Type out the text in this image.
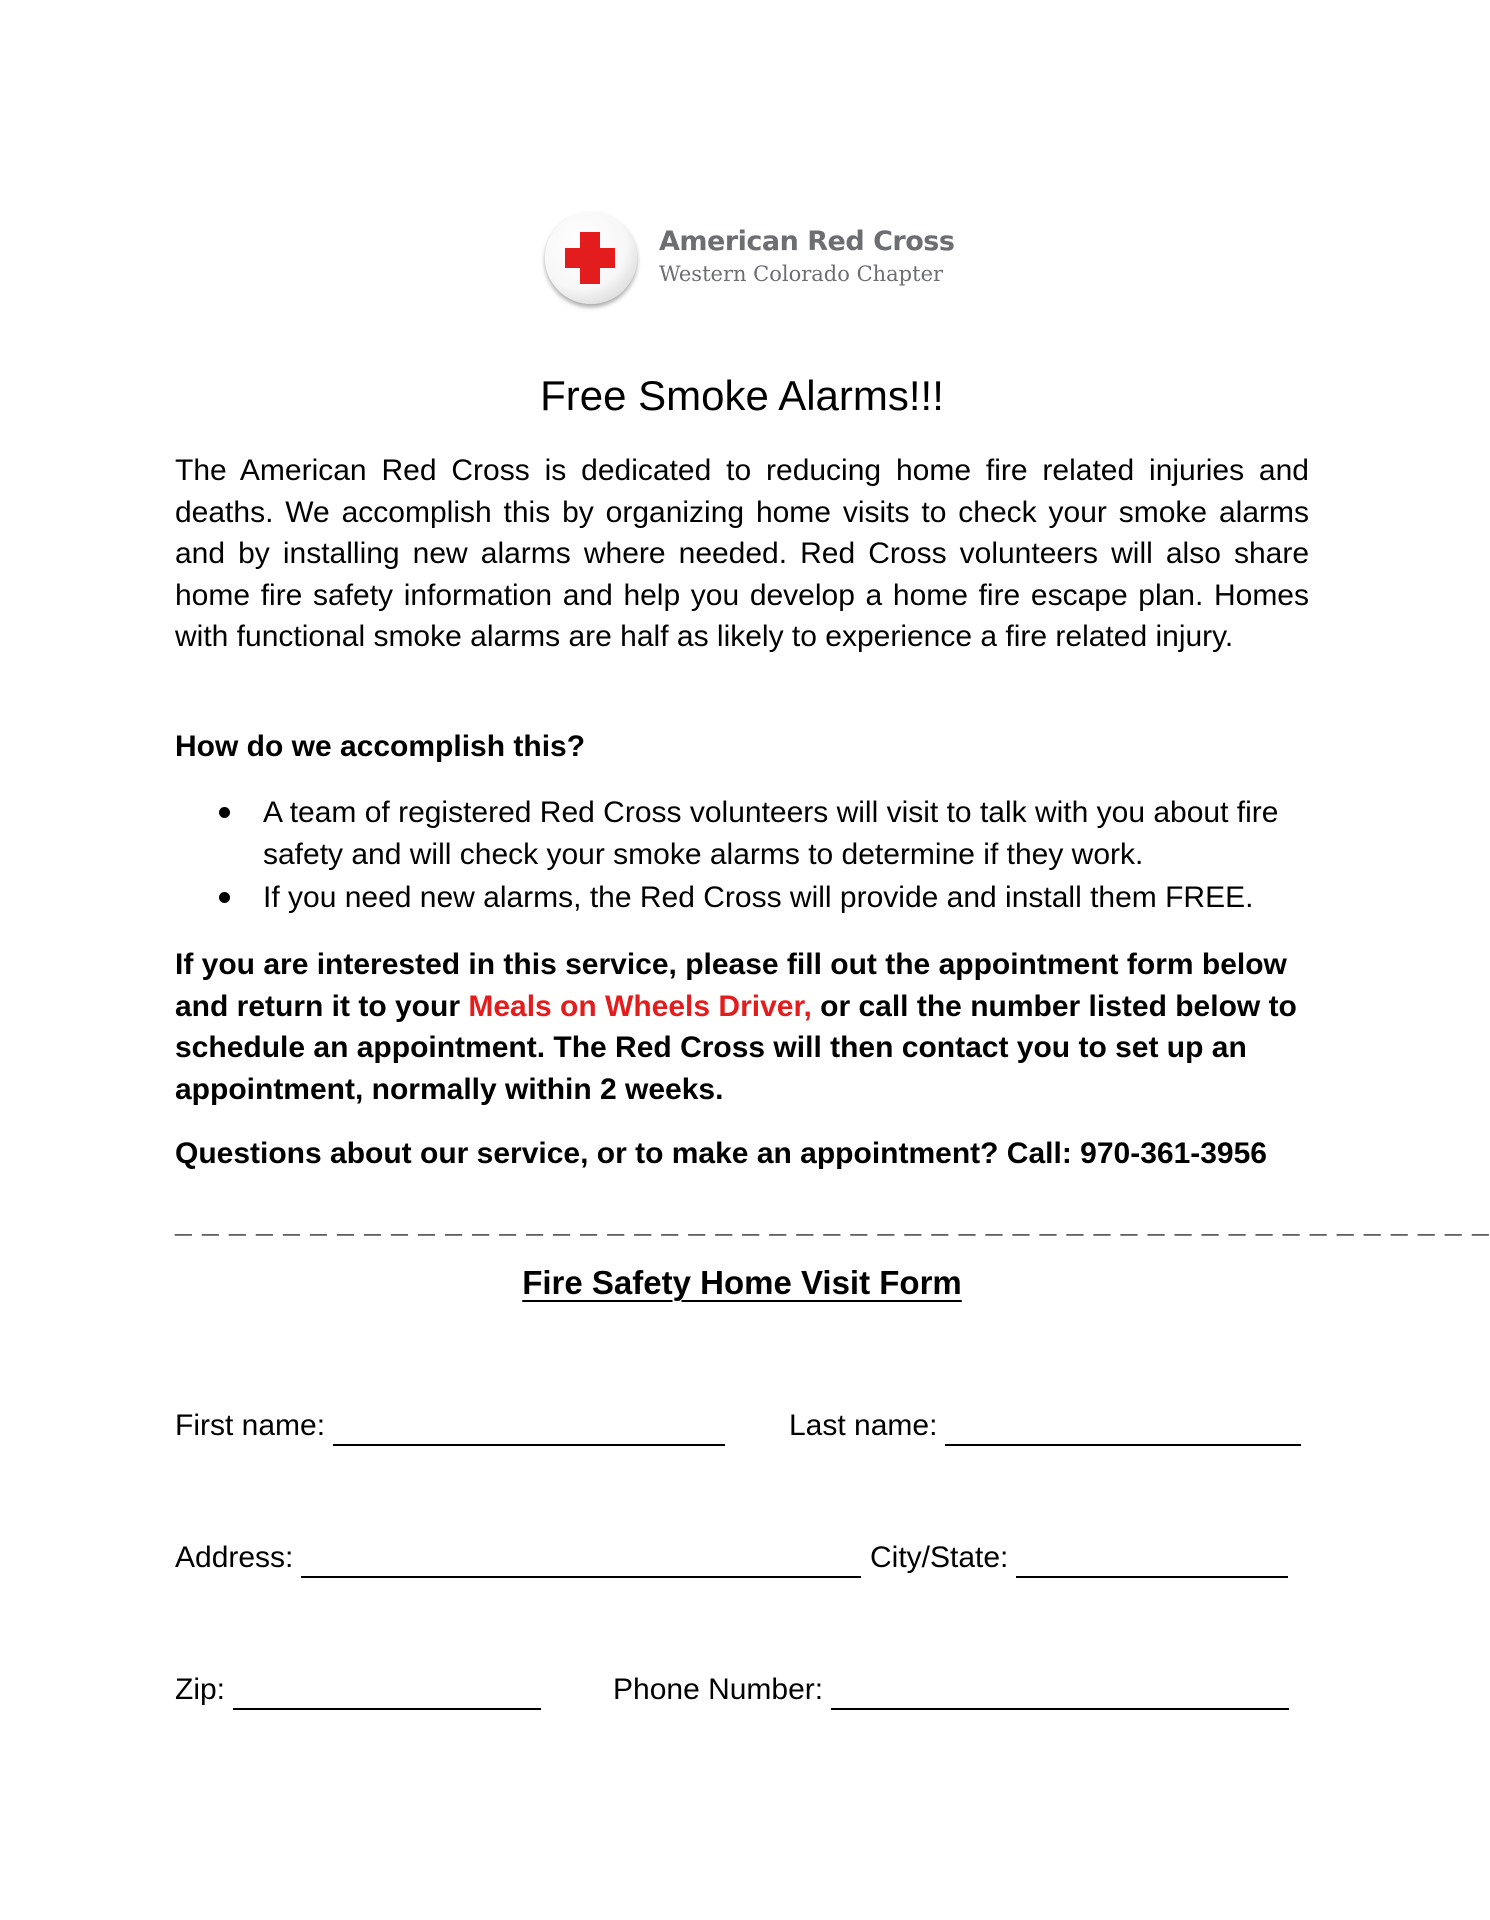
American Red Cross
Western Colorado Chapter
Free Smoke Alarms!!!
The American Red Cross is dedicated to reducing home fire related injuries and deaths. We accomplish this by organizing home visits to check your smoke alarms and by installing new alarms where needed. Red Cross volunteers will also share home fire safety information and help you develop a home fire escape plan. Homes with functional smoke alarms are half as likely to experience a fire related injury.
How do we accomplish this?
A team of registered Red Cross volunteers will visit to talk with you about fire safety and will check your smoke alarms to determine if they work.
If you need new alarms, the Red Cross will provide and install them FREE.
If you are interested in this service, please fill out the appointment form below and return it to your Meals on Wheels Driver, or call the number listed below to schedule an appointment. The Red Cross will then contact you to set up an appointment, normally within 2 weeks.
Questions about our service, or to make an appointment? Call: 970-361-3956
_ _ _ _ _ _ _ _ _ _ _ _ _ _ _ _ _ _ _ _ _ _ _ _ _ _ _ _ _ _ _ _ _ _ _ _ _ _ _ _ _ _ _ _ _ _ _ _ _
Fire Safety Home Visit Form
First name:	Last name:
Address:	City/State:
Zip:	Phone Number:
